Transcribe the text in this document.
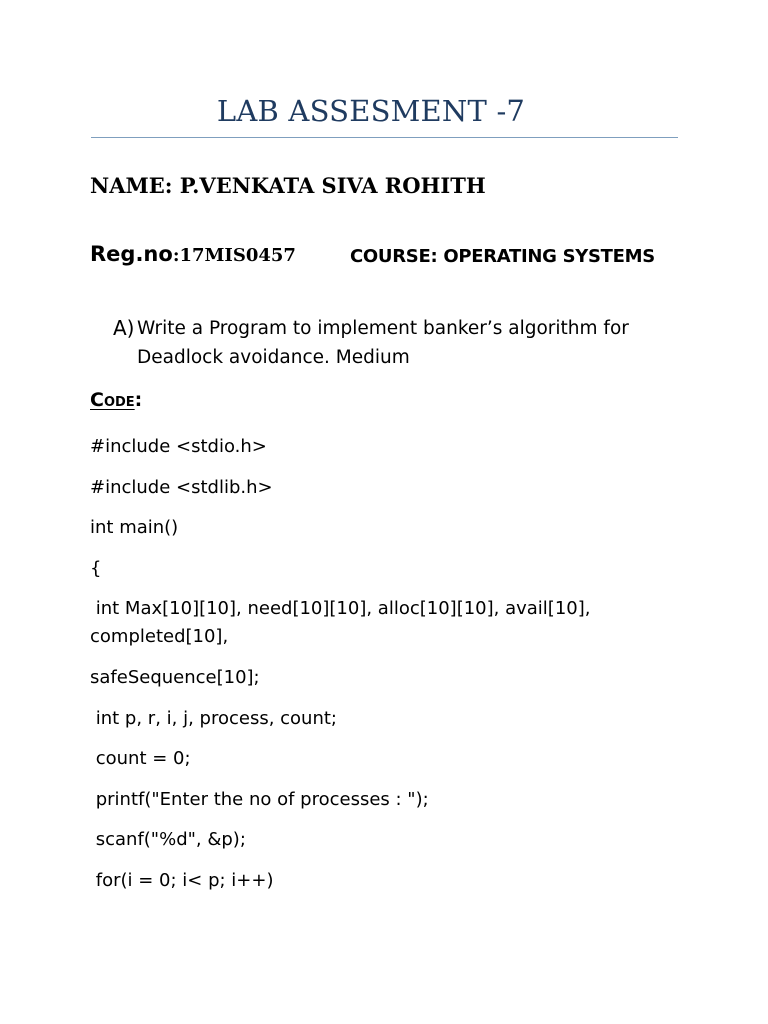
LAB ASSESMENT -7
NAME: P.VENKATA SIVA ROHITH
Reg.no:17MIS0457	COURSE: OPERATING SYSTEMS
A) Write a Program to implement banker’s algorithm for Deadlock avoidance. Medium
Code:
#include <stdio.h>
#include <stdlib.h>
int main()
{
int Max[10][10], need[10][10], alloc[10][10], avail[10], completed[10],
safeSequence[10];
int p, r, i, j, process, count;
count = 0;
printf("Enter the no of processes : ");
scanf("%d", &p);
for(i = 0; i< p; i++)
